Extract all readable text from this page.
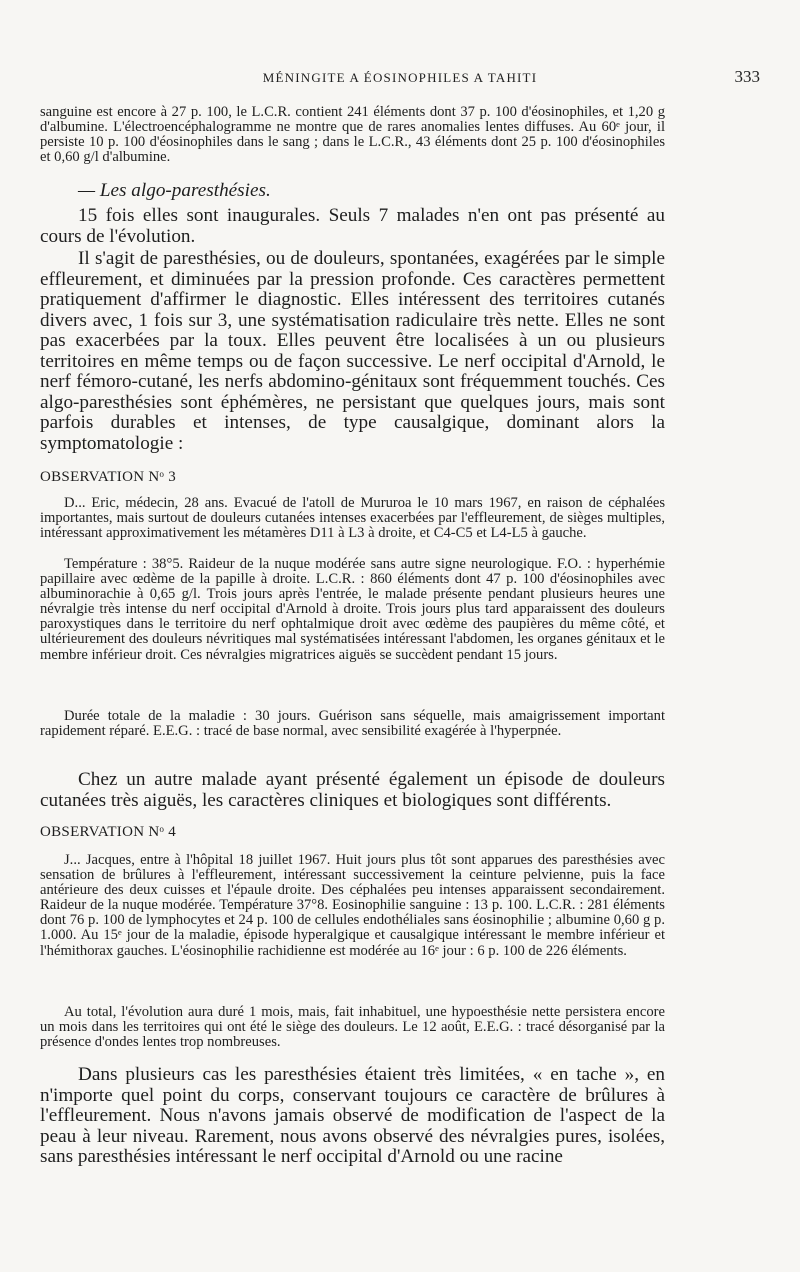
MÉNINGITE A ÉOSINOPHILES A TAHITI	333

sanguine est encore à 27 p. 100, le L.C.R. contient 241 éléments dont 37 p. 100 d'éosinophiles, et 1,20 g d'albumine. L'électroencéphalogramme ne montre que de rares anomalies lentes diffuses. Au 60ᵉ jour, il persiste 10 p. 100 d'éosinophiles dans le sang ; dans le L.C.R., 43 éléments dont 25 p. 100 d'éosinophiles et 0,60 g/l d'albumine.

— Les algo-paresthésies.

15 fois elles sont inaugurales. Seuls 7 malades n'en ont pas présenté au cours de l'évolution.

Il s'agit de paresthésies, ou de douleurs, spontanées, exagérées par le simple effleurement, et diminuées par la pression profonde. Ces caractères permettent pratiquement d'affirmer le diagnostic. Elles intéressent des territoires cutanés divers avec, 1 fois sur 3, une systématisation radiculaire très nette. Elles ne sont pas exacerbées par la toux. Elles peuvent être localisées à un ou plusieurs territoires en même temps ou de façon successive. Le nerf occipital d'Arnold, le nerf fémoro-cutané, les nerfs abdomino-génitaux sont fréquemment touchés. Ces algo-paresthésies sont éphémères, ne persistant que quelques jours, mais sont parfois durables et intenses, de type causalgique, dominant alors la symptomatologie :

OBSERVATION Nᵒ 3

D... Eric, médecin, 28 ans. Evacué de l'atoll de Mururoa le 10 mars 1967, en raison de céphalées importantes, mais surtout de douleurs cutanées intenses exacerbées par l'effleurement, de sièges multiples, intéressant approximativement les métamères D11 à L3 à droite, et C4-C5 et L4-L5 à gauche.

Température : 38°5. Raideur de la nuque modérée sans autre signe neurologique. F.O. : hyperhémie papillaire avec œdème de la papille à droite. L.C.R. : 860 éléments dont 47 p. 100 d'éosinophiles avec albuminorachie à 0,65 g/l. Trois jours après l'entrée, le malade présente pendant plusieurs heures une névralgie très intense du nerf occipital d'Arnold à droite. Trois jours plus tard apparaissent des douleurs paroxystiques dans le territoire du nerf ophtalmique droit avec œdème des paupières du même côté, et ultérieurement des douleurs névritiques mal systématisées intéressant l'abdomen, les organes génitaux et le membre inférieur droit. Ces névralgies migratrices aiguës se succèdent pendant 15 jours.

Durée totale de la maladie : 30 jours. Guérison sans séquelle, mais amaigrissement important rapidement réparé. E.E.G. : tracé de base normal, avec sensibilité exagérée à l'hyperpnée.

Chez un autre malade ayant présenté également un épisode de douleurs cutanées très aiguës, les caractères cliniques et biologiques sont différents.

OBSERVATION Nᵒ 4

J... Jacques, entre à l'hôpital 18 juillet 1967. Huit jours plus tôt sont apparues des paresthésies avec sensation de brûlures à l'effleurement, intéressant successivement la ceinture pelvienne, puis la face antérieure des deux cuisses et l'épaule droite. Des céphalées peu intenses apparaissent secondairement. Raideur de la nuque modérée. Température 37°8. Eosinophilie sanguine : 13 p. 100. L.C.R. : 281 éléments dont 76 p. 100 de lymphocytes et 24 p. 100 de cellules endothéliales sans éosinophilie ; albumine 0,60 g p. 1.000. Au 15ᵉ jour de la maladie, épisode hyperalgique et causalgique intéressant le membre inférieur et l'hémithorax gauches. L'éosinophilie rachidienne est modérée au 16ᵉ jour : 6 p. 100 de 226 éléments.

Au total, l'évolution aura duré 1 mois, mais, fait inhabituel, une hypoesthésie nette persistera encore un mois dans les territoires qui ont été le siège des douleurs. Le 12 août, E.E.G. : tracé désorganisé par la présence d'ondes lentes trop nombreuses.

Dans plusieurs cas les paresthésies étaient très limitées, « en tache », en n'importe quel point du corps, conservant toujours ce caractère de brûlures à l'effleurement. Nous n'avons jamais observé de modification de l'aspect de la peau à leur niveau. Rarement, nous avons observé des névralgies pures, isolées, sans paresthésies intéressant le nerf occipital d'Arnold ou une racine
